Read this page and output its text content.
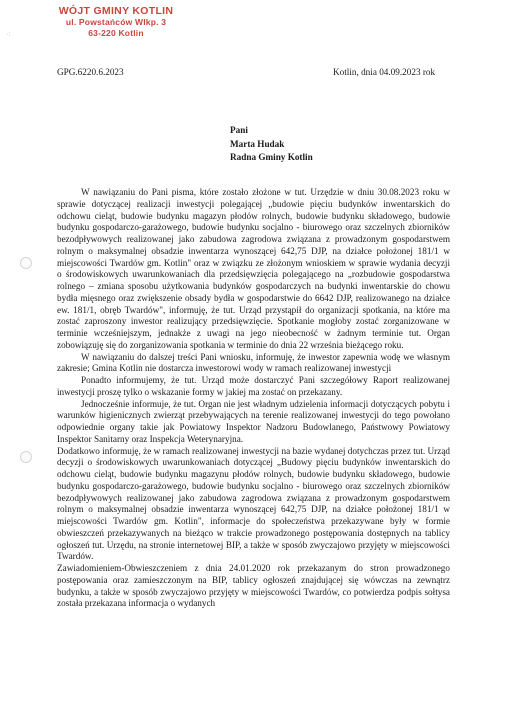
WÓJT GMINY KOTLIN
ul. Powstańców Wlkp. 3
63-220 Kotlin
⁖
GPG.6220.6.2023	Kotlin, dnia 04.09.2023 rok
Pani
Marta Hudak
Radna Gminy Kotlin

W nawiązaniu do Pani pisma, które zostało złożone w tut. Urzędzie w dniu 30.08.2023 roku w sprawie dotyczącej realizacji inwestycji polegającej „budowie pięciu budynków inwentarskich do odchowu cieląt, budowie budynku magazyn płodów rolnych, budowie budynku składowego, budowie budynku gospodarczo-garażowego, budowie budynku socjalno - biurowego oraz szczelnych zbiorników bezodpływowych realizowanej jako zabudowa zagrodowa związana z prowadzonym gospodarstwem rolnym o maksymalnej obsadzie inwentarza wynoszącej 642,75 DJP, na działce położonej 181/1 w miejscowości Twardów gm. Kotlin" oraz w związku ze złożonym wnioskiem w sprawie wydania decyzji o środowiskowych uwarunkowaniach dla przedsięwzięcia polegającego na „rozbudowie gospodarstwa rolnego – zmiana sposobu użytkowania budynków gospodarczych na budynki inwentarskie do chowu bydła mięsnego oraz zwiększenie obsady bydła w gospodarstwie do 6642 DJP, realizowanego na działce ew. 181/1, obręb Twardów", informuję, że tut. Urząd przystąpił do organizacji spotkania, na które ma zostać zaproszony inwestor realizujący przedsięwzięcie. Spotkanie mogłoby zostać zorganizowane w terminie wcześniejszym, jednakże z uwagi na jego nieobecność w żadnym terminie tut. Organ zobowiązuję się do zorganizowania spotkania w terminie do dnia 22 września bieżącego roku.

W nawiązaniu do dalszej treści Pani wniosku, informuję, że inwestor zapewnia wodę we własnym zakresie; Gmina Kotlin nie dostarcza inwestorowi wody w ramach realizowanej inwestycji

Ponadto informujemy, że tut. Urząd może dostarczyć Pani szczegółowy Raport realizowanej inwestycji proszę tylko o wskazanie formy w jakiej ma zostać on przekazany.

Jednocześnie informuje, że tut. Organ nie jest władnym udzielenia informacji dotyczących pobytu i warunków higienicznych zwierząt przebywających na terenie realizowanej inwestycji do tego powołano odpowiednie organy takie jak Powiatowy Inspektor Nadzoru Budowlanego, Państwowy Powiatowy Inspektor Sanitarny oraz Inspekcja Weterynaryjna.

Dodatkowo informuję, że w ramach realizowanej inwestycji na bazie wydanej dotychczas przez tut. Urząd decyzji o środowiskowych uwarunkowaniach dotyczącej „Budowy pięciu budynków inwentarskich do odchowu cieląt, budowie budynku magazynu płodów rolnych, budowie budynku składowego, budowie budynku gospodarczo-garażowego, budowie budynku socjalno - biurowego oraz szczelnych zbiorników bezodpływowych realizowanej jako zabudowa zagrodowa związana z prowadzonym gospodarstwem rolnym o maksymalnej obsadzie inwentarza wynoszącej 642,75 DJP, na działce położonej 181/1 w miejscowości Twardów gm. Kotlin", informacje do społeczeństwa przekazywane były w formie obwieszczeń przekazywanych na bieżąco w trakcie prowadzonego postępowania dostępnych na tablicy ogłoszeń tut. Urzędu, na stronie internetowej BIP, a także w sposób zwyczajowo przyjęty w miejscowości Twardów.

Zawiadomieniem-Obwieszczeniem z dnia 24.01.2020 rok przekazanym do stron prowadzonego postępowania oraz zamieszczonym na BIP, tablicy ogłoszeń znajdującej się wówczas na zewnątrz budynku, a także w sposób zwyczajowo przyjęty w miejscowości Twardów, co potwierdza podpis sołtysa została przekazana informacja o wydanych
